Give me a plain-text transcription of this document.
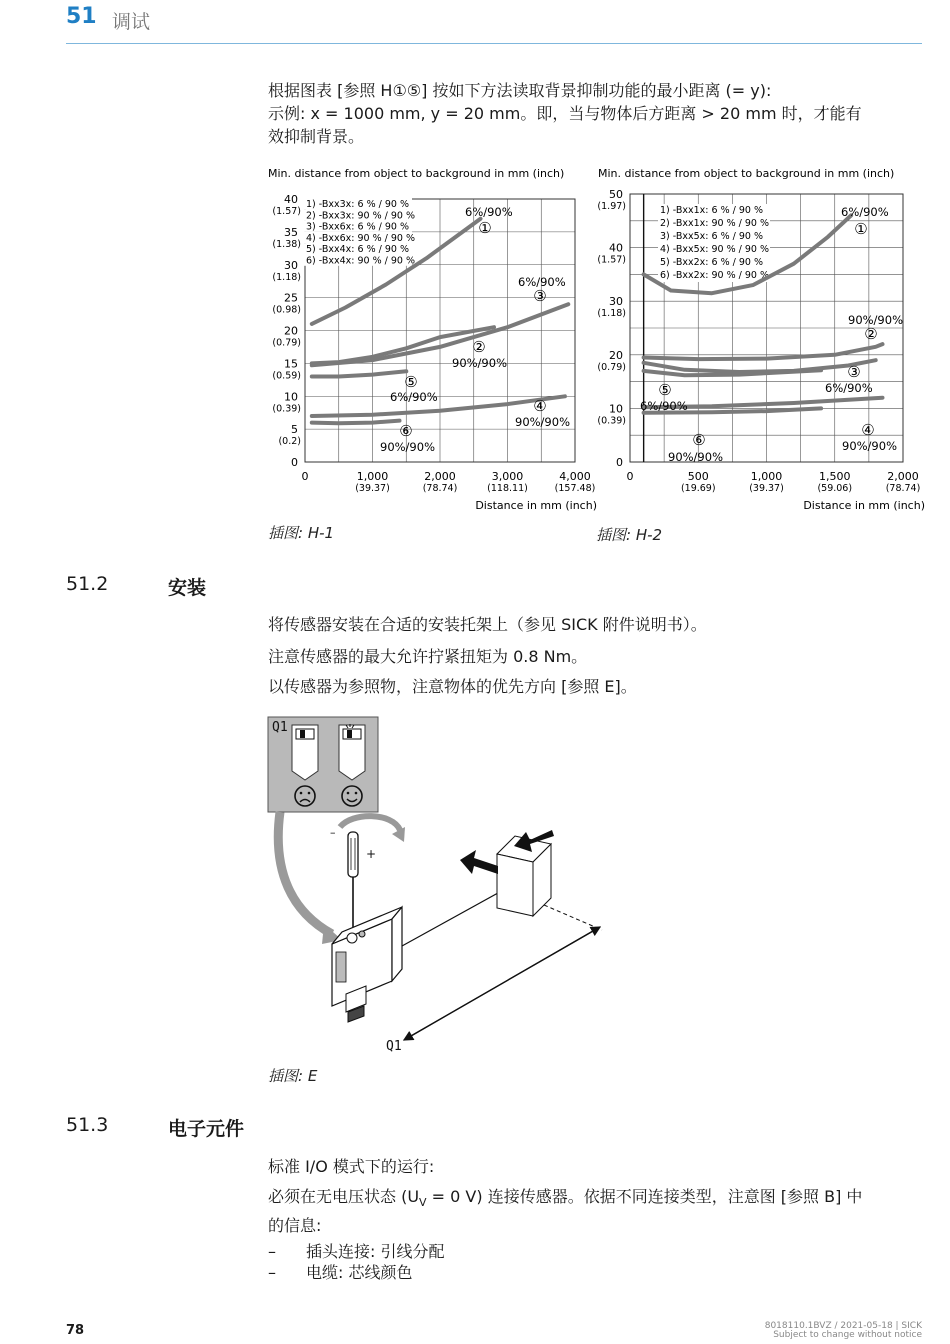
51 调试
根据图表 [参照 H①⑤] 按如下方法读取背景抑制功能的最小距离 (= y):
示例: x = 1000 mm, y = 20 mm。即，当与物体后方距离 > 20 mm 时，才能有
效抑制背景。
Min. distance from object to background in mm (inch)
40
(1.57)
35
(1.38)
30
(1.18)
25
(0.98)
20
(0.79)
15
(0.59)
10
(0.39)
5
(0.2)
0
0	1,000
(39.37)
2,000
(78.74)
3,000
(118.11)
4,000
(157.48)
Distance in mm (inch)
1) -Bxx3x: 6 % / 90 %
2) -Bxx3x: 90 % / 90 %
3) -Bxx6x: 6 % / 90 %
4) -Bxx6x: 90 % / 90 %
5) -Bxx4x: 6 % / 90 %
6) -Bxx4x: 90 % / 90 %
6%/90%
①
90%/90%
②
6%/90%
③
90%/90%
④
6%/90%
⑤
90%/90%
⑥
Min. distance from object to background in mm (inch)
50
(1.97)
40
(1.57)
30
(1.18)
20
(0.79)
10
(0.39)
0
0	500
(19.69)
1,000
(39.37)
1,500
(59.06)
2,000
(78.74)
Distance in mm (inch)
1) -Bxx1x: 6 % / 90 %
2) -Bxx1x: 90 % / 90 %
3) -Bxx5x: 6 % / 90 %
4) -Bxx5x: 90 % / 90 %
5) -Bxx2x: 6 % / 90 %
6) -Bxx2x: 90 % / 90 %
6%/90%
①
90%/90%
②
6%/90%
③
90%/90%
④
6%/90%
⑤
90%/90%
⑥
插图: H-1	插图: H-2
51.2	安装
将传感器安装在合适的安装托架上（参见 SICK 附件说明书）。
注意传感器的最大允许拧紧扭矩为 0.8 Nm。
以传感器为参照物，注意物体的优先方向 [参照 E]。
Q1
–
+
Q1
插图: E
51.3	电子元件
标准 I/O 模式下的运行:
必须在无电压状态 ($U_V = 0$ V) 连接传感器。依据不同连接类型，注意图 [参照 B] 中
的信息:
– 插头连接: 引线分配
– 电缆: 芯线颜色
78	8018110.1BVZ / 2021-05-18 | SICK
Subject to change without notice
